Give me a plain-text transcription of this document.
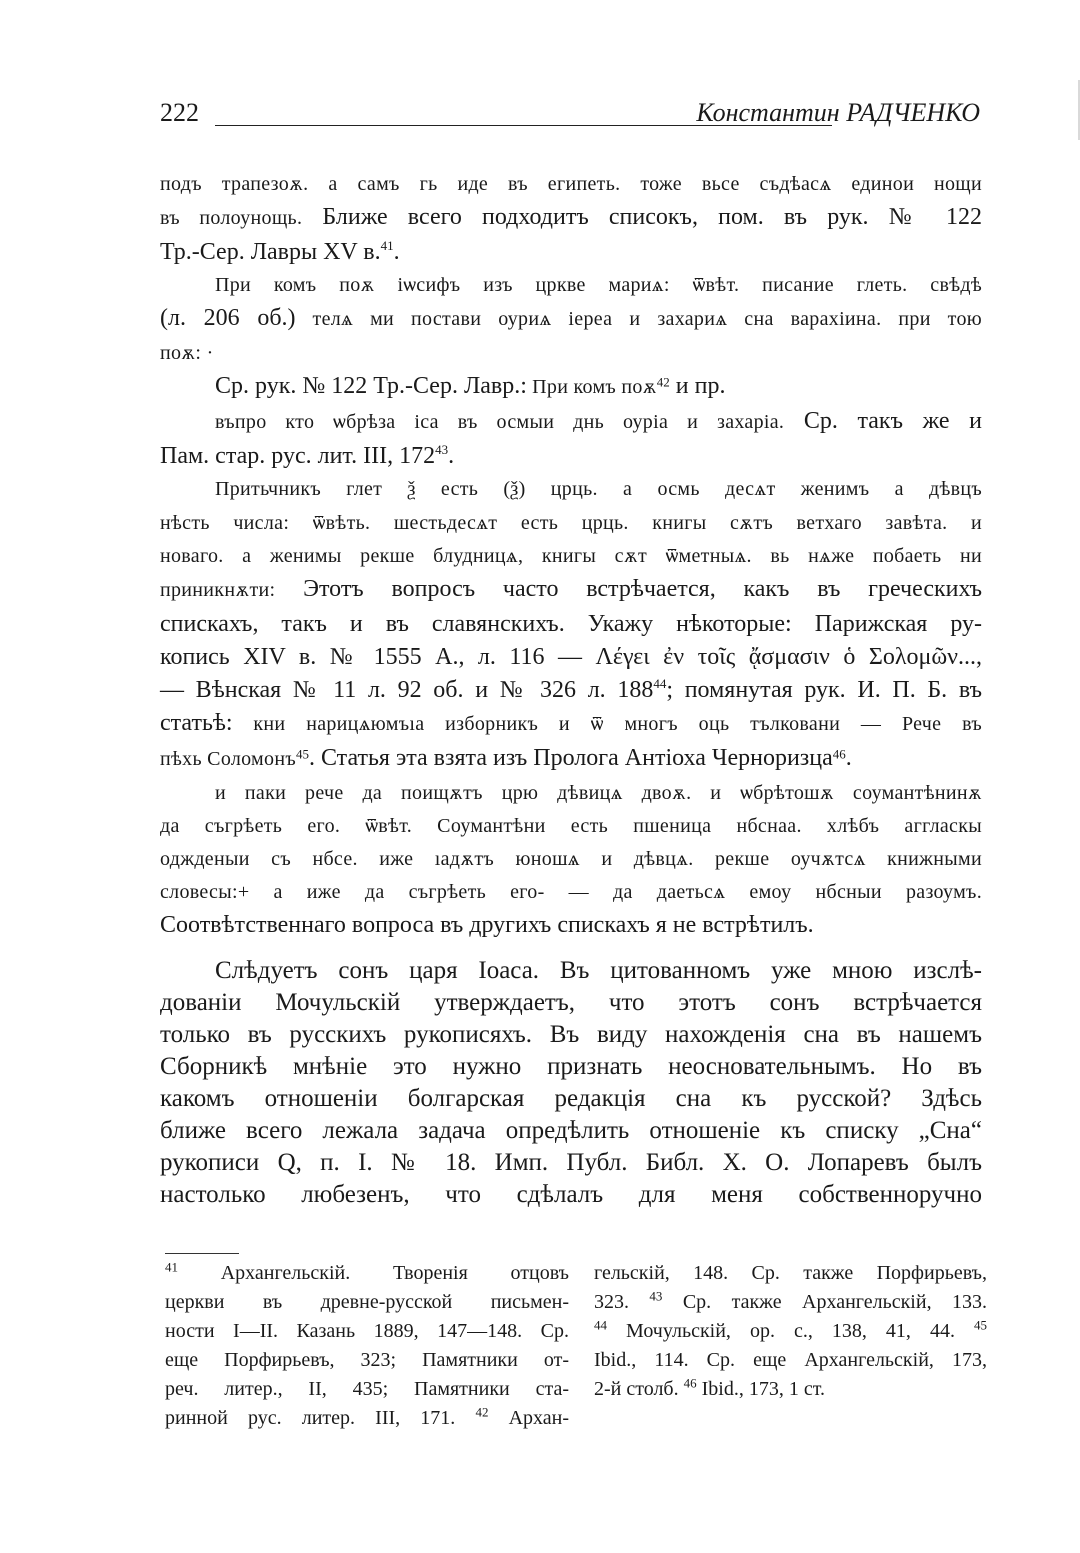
222	Константин РАДЧЕНКО
подъ трапезоѫ. а самъ гь иде въ египеть. тоже вьсе съдѣасѧ единои нощи
въ полоунощь. Ближе всего подходитъ списокъ, пом. въ рук. № 122
Тр.-Сер. Лавры XV в.$^{41}$.
При комъ поѫ іѡсифъ изъ цркве мариѧ: ѿвѣт. писание глеть. свѣдѣ
(л. 206 об.) телѧ ми постави оуриѧ іереа и захариѧ сна варахіина. при тою
поѫ: ·
Ср. рук. № 122 Тр.-Сер. Лавр.: При комъ поѫ$^{42}$ и пр.
въпро кто ѡбрѣза іса въ осмыи днь оуріа и захаріа. Ср. такъ же и
Пам. стар. рус. лит. III, $172^{43}$.
Притьчникъ глет ѯ есть (ѯ) црць. а осмь десѧт женимъ а дѣвцъ
нѣсть числа: ѿвѣть. шестьдесѧт есть црць. книгы сѫтъ ветхаго завѣта. и
новаго. а женимы рекше блудницѧ, книгы сѫт ѿметныѧ. вь нѧже побаеть ни
приникнѫти: Этотъ вопросъ часто встрѣчается, какъ въ греческихъ
спискахъ, такъ и въ славянскихъ. Укажу нѣкоторые: Парижская ру-
копись XIV в. № 1555 А., л. 116 — Λέγει ἐν τοῖς ᾄσμασιν ὁ Σολομῶν...,
— Вѣнская № 11 л. 92 об. и № 326 л. $188^{44}$; помянутая рук. И. П. Б. въ
статьѣ: кни нарицѧюмъıа изборникъ и ѿ многъ оць тълковани — Рече въ
пѣхь Соломонъ$^{45}$. Статья эта взята изъ Пролога Антіоха Черноризца$^{46}$.
и паки рече да поищѫтъ црю дѣвицѧ двоѫ. и ѡбрѣтошѫ соумантѣнинѫ
да съгрѣеть его. ѿвѣт. Соумантѣни есть пшеница нбснаа. хлѣбъ аггласкы
оджденыи съ нбсе. иже ıадѫтъ юношѧ и дѣвцѧ. рекше оучѫтсѧ книжными
словесы:+ а иже да съгрѣеть его- — да даетьсѧ емоу нбсныи разоумъ.
Соотвѣтственнаго вопроса въ другихъ спискахъ я не встрѣтилъ.
Слѣдуетъ сонъ царя Іоаса. Въ цитованномъ уже мною изслѣ-
дованіи Мочульскій утверждаетъ, что этотъ сонъ встрѣчается
только въ русскихъ рукописяхъ. Въ виду нахожденія сна въ нашемъ
Сборникѣ мнѣніе это нужно признать неосновательнымъ. Но въ
какомъ отношеніи болгарская редакція сна къ русской? Здѣсь
ближе всего лежала задача опредѣлить отношеніе къ списку „Сна“
рукописи Q, п. I. № 18. Имп. Публ. Библ. Х. О. Лопаревъ былъ
настолько любезенъ, что сдѣлалъ для меня собственноручно
$^{41}$ Архангельскій. Творенія отцовъ
церкви въ древне-русской письмен-
ности I—II. Казань 1889, 147—148. Ср.
еще Порфирьевъ, 323; Памятники от-
реч. литер., II, 435; Памятники ста-
ринной рус. литер. III, 171. $^{42}$ Архан-
гельскій, 148. Ср. также Порфирьевъ,
323. $^{43}$ Ср. также Архангельскій, 133.
$^{44}$ Мочульскій, ор. с., 138, 41, 44. $^{45}$
Ibid., 114. Ср. еще Архангельскій, 173,
2-й столб. $^{46}$ Ibid., 173, 1 ст.
